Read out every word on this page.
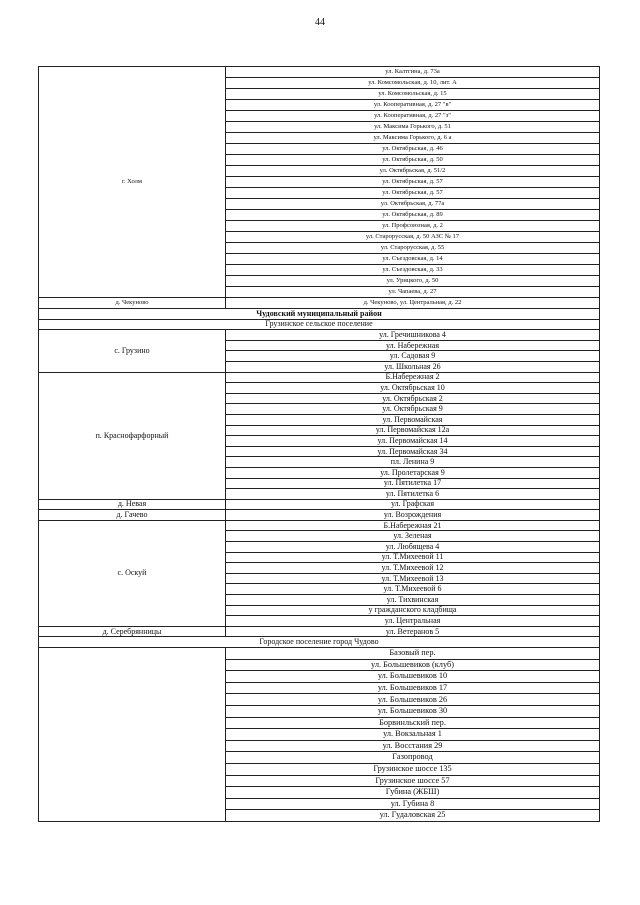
44
г. Холм	ул. Калтгина, д. 73а
	ул. Комсомольская, д. 10, лит. А
	ул. Комсомольская, д. 15
	ул. Кооперативная, д. 27 "в"
	ул. Кооперативная, д. 27 "з"
	ул. Максима Горького, д. 51
	ул. Максима Горького, д. 6 а
	ул. Октябрьская, д. 46
	ул. Октябрьская, д. 50
	ул. Октябрьская, д. 51/2
	ул. Октябрьская, д. 57
	ул. Октябрьская, д. 57
	ул. Октябрьская, д. 77а
	ул. Октябрьская, д. 89
	ул. Профсоюзная, д. 2
	ул. Старорусская, д. 50 АЗС № 17
	ул. Старорусская, д. 55
	ул. Съездовская, д. 14
	ул. Съездовская, д. 33
	ул. Урицкого, д. 50
	ул. Чапаевa, д. 27
д. Чекуново	д. Чекуново, ул. Центральная, д. 22
Чудовский муниципальный район	
Грузинское сельское поселение	
с. Грузино	ул. Гречишникова 4
	ул. Набережная
	ул. Садовая 9
	ул. Школьная 26
п. Краснофарфорный	Б.Набережная 2
	ул. Октябрьская 10
	ул. Октябрьская 2
	ул. Октябрьская 9
	ул. Первомайская
	ул. Первомайская 12а
	ул. Первомайская 14
	ул. Первомайская 34
	пл. Ленина 9
	ул. Пролетарская 9
	ул. Пятилетка 17
	ул. Пятилетка 6
д. Невая	ул. Графская
д. Гачево	ул. Возрождения
с. Оскуй	Б.Набережная 21
	ул. Зеленая
	ул. Любящева 4
	ул. Т.Михеевой 11
	ул. Т.Михеевой 12
	ул. Т.Михеевой 13
	ул. Т.Михеевой 6
	ул. Тихвинская
	у гражданского кладбища
	ул. Центральная
д. Серебрянницы	ул. Ветеранов 5
Городское поселение город Чудово	
	Базовый пер.
	ул. Большевиков (клуб)
	ул. Большевиков 10
	ул. Большевиков 17
	ул. Большевиков 26
	ул. Большевиков 30
	Борвинльский пер.
	ул. Вокзальная 1
	ул. Восстания 29
	Газопровод
	Грузинское шоссе 135
	Грузинское шоссе 57
	Губина (ЖБШ)
	ул. Губина 8
	ул. Гудаловская 25
